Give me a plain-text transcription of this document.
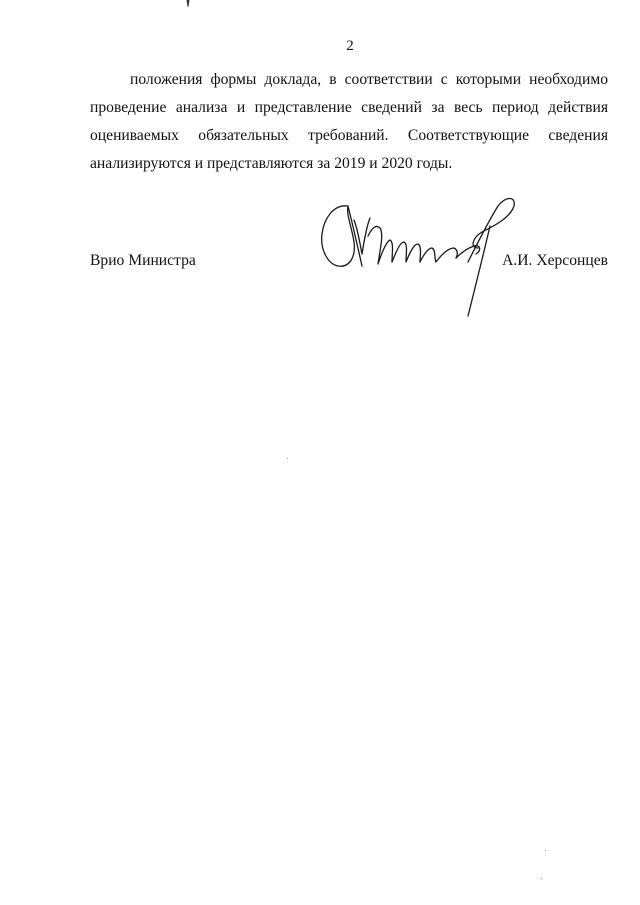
2

положения формы доклада, в соответствии с которыми необходимо проведение анализа и представление сведений за весь период действия оцениваемых обязательных требований. Соответствующие сведения анализируются и представляются за 2019 и 2020 годы.

Врио Министра	А.И. Херсонцев
